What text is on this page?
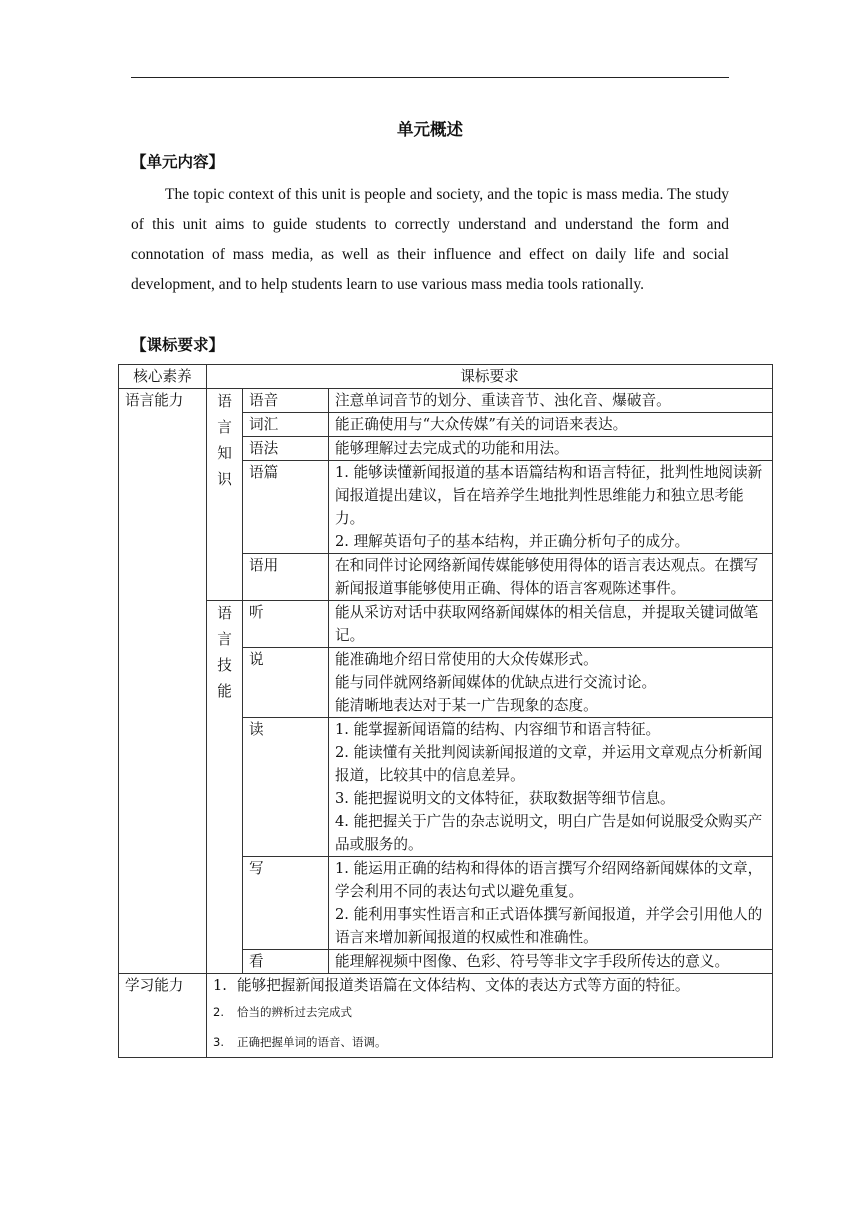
单元概述
【单元内容】

The topic context of this unit is people and society, and the topic is mass media. The study of this unit aims to guide students to correctly understand and understand the form and connotation of mass media, as well as their influence and effect on daily life and social development, and to help students learn to use various mass media tools rationally.

【课标要求】
核心素养	课标要求		
语言能力	语言知识	语音	注意单词音节的划分、重读音节、浊化音、爆破音。

		词汇	能正确使用与“大众传媒”有关的词语来表达。

		语法	能够理解过去完成式的功能和用法。

		语篇	1. 能够读懂新闻报道的基本语篇结构和语言特征，批判性地阅读新闻报道提出建议，旨在培养学生地批判性思维能力和独立思考能力。
2. 理解英语句子的基本结构，并正确分析句子的成分。

		语用	在和同伴讨论网络新闻传媒能够使用得体的语言表达观点。在撰写新闻报道事能够使用正确、得体的语言客观陈述事件。

	语言技能	听	能从采访对话中获取网络新闻媒体的相关信息，并提取关键词做笔记。

		说	能准确地介绍日常使用的大众传媒形式。
能与同伴就网络新闻媒体的优缺点进行交流讨论。
能清晰地表达对于某一广告现象的态度。

		读	1. 能掌握新闻语篇的结构、内容细节和语言特征。
2. 能读懂有关批判阅读新闻报道的文章，并运用文章观点分析新闻报道，比较其中的信息差异。
3. 能把握说明文的文体特征，获取数据等细节信息。
4. 能把握关于广告的杂志说明文，明白广告是如何说服受众购买产品或服务的。

		写	1. 能运用正确的结构和得体的语言撰写介绍网络新闻媒体的文章，学会利用不同的表达句式以避免重复。
2. 能利用事实性语言和正式语体撰写新闻报道，并学会引用他人的语言来增加新闻报道的权威性和准确性。

		看	能理解视频中图像、色彩、符号等非文字手段所传达的意义。

学习能力	1. 能够把握新闻报道类语篇在文体结构、文体的表达方式等方面的特征。
2. 恰当的辨析过去完成式
3. 正确把握单词的语音、语调。		
